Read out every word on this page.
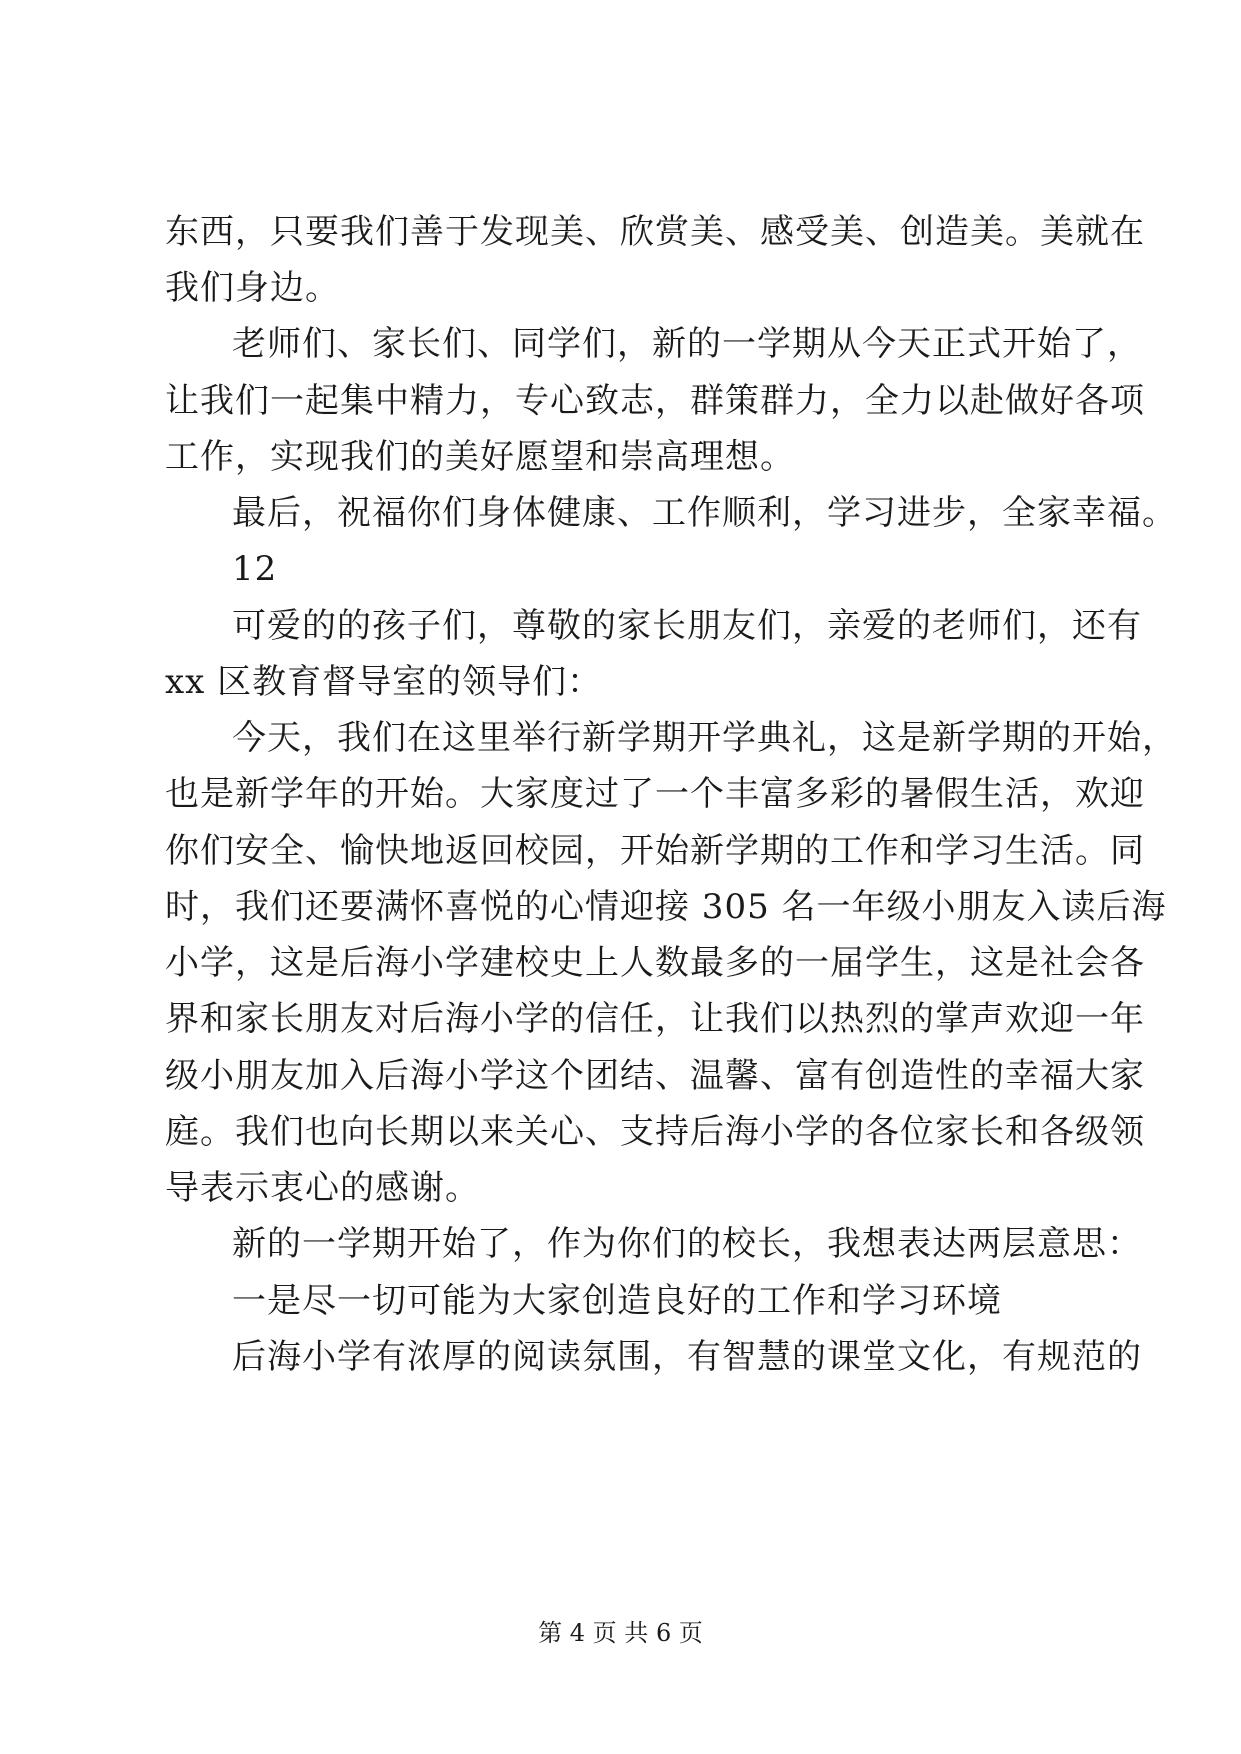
东西，只要我们善于发现美、欣赏美、感受美、创造美。美就在
我们身边。
老师们、家长们、同学们，新的一学期从今天正式开始了，
让我们一起集中精力，专心致志，群策群力，全力以赴做好各项
工作，实现我们的美好愿望和崇高理想。
最后，祝福你们身体健康、工作顺利，学习进步，全家幸福。
12
可爱的的孩子们，尊敬的家长朋友们，亲爱的老师们，还有
xx 区教育督导室的领导们：
今天，我们在这里举行新学期开学典礼，这是新学期的开始，
也是新学年的开始。大家度过了一个丰富多彩的暑假生活，欢迎
你们安全、愉快地返回校园，开始新学期的工作和学习生活。同
时，我们还要满怀喜悦的心情迎接 305 名一年级小朋友入读后海
小学，这是后海小学建校史上人数最多的一届学生，这是社会各
界和家长朋友对后海小学的信任，让我们以热烈的掌声欢迎一年
级小朋友加入后海小学这个团结、温馨、富有创造性的幸福大家
庭。我们也向长期以来关心、支持后海小学的各位家长和各级领
导表示衷心的感谢。
新的一学期开始了，作为你们的校长，我想表达两层意思：
一是尽一切可能为大家创造良好的工作和学习环境
后海小学有浓厚的阅读氛围，有智慧的课堂文化，有规范的
第 4 页 共 6 页
